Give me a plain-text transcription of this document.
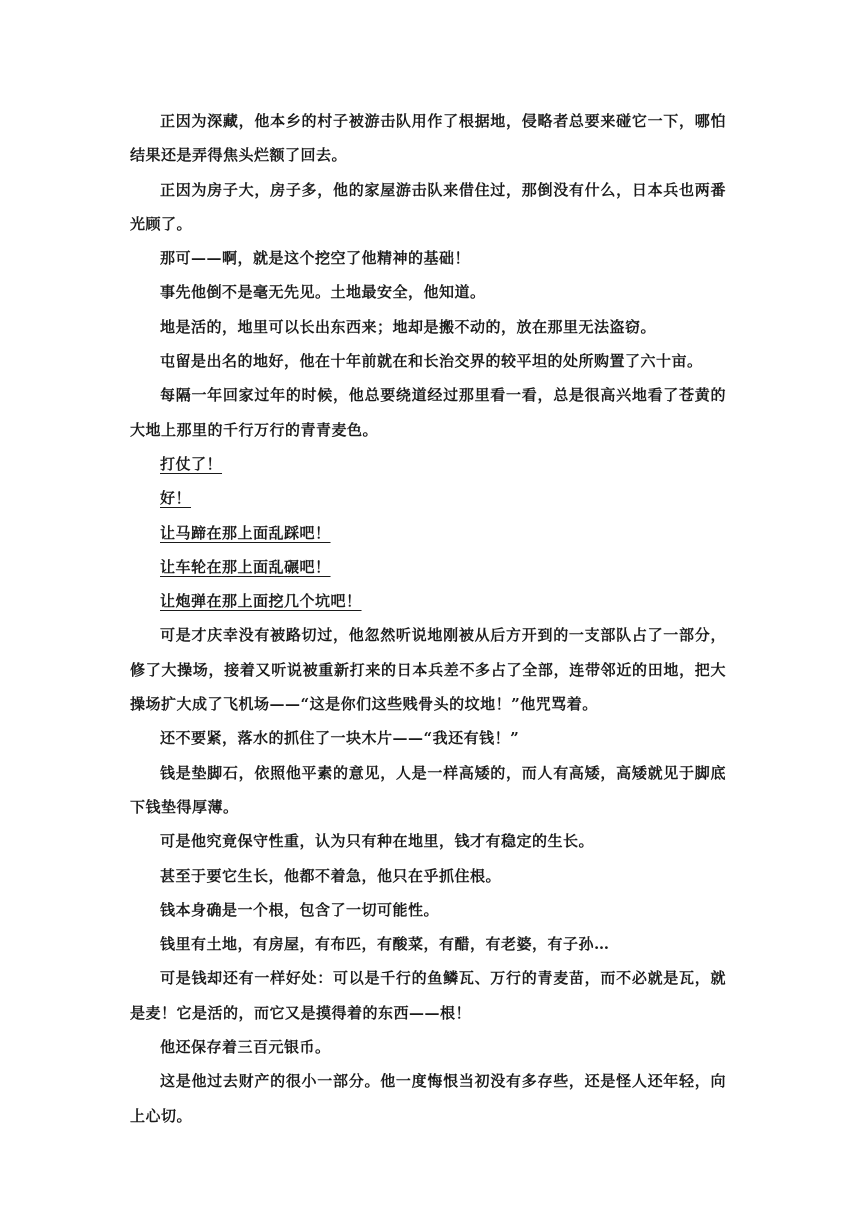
正因为深藏，他本乡的村子被游击队用作了根据地，侵略者总要来碰它一下，哪怕结果还是弄得焦头烂额了回去。

正因为房子大，房子多，他的家屋游击队来借住过，那倒没有什么，日本兵也两番光顾了。

那可——啊，就是这个挖空了他精神的基础！

事先他倒不是毫无先见。土地最安全，他知道。

地是活的，地里可以长出东西来；地却是搬不动的，放在那里无法盗窃。

屯留是出名的地好，他在十年前就在和长治交界的较平坦的处所购置了六十亩。

每隔一年回家过年的时候，他总要绕道经过那里看一看，总是很高兴地看了苍黄的大地上那里的千行万行的青青麦色。

打仗了！

好！

让马蹄在那上面乱踩吧！

让车轮在那上面乱碾吧！

让炮弹在那上面挖几个坑吧！

可是才庆幸没有被路切过，他忽然听说地刚被从后方开到的一支部队占了一部分，修了大操场，接着又听说被重新打来的日本兵差不多占了全部，连带邻近的田地，把大操场扩大成了飞机场——“这是你们这些贱骨头的坟地！”他咒骂着。

还不要紧，落水的抓住了一块木片——“我还有钱！”

钱是垫脚石，依照他平素的意见，人是一样高矮的，而人有高矮，高矮就见于脚底下钱垫得厚薄。

可是他究竟保守性重，认为只有种在地里，钱才有稳定的生长。

甚至于要它生长，他都不着急，他只在乎抓住根。

钱本身确是一个根，包含了一切可能性。

钱里有土地，有房屋，有布匹，有酸菜，有醋，有老婆，有子孙…

可是钱却还有一样好处：可以是千行的鱼鳞瓦、万行的青麦苗，而不必就是瓦，就是麦！它是活的，而它又是摸得着的东西——根！

他还保存着三百元银币。

这是他过去财产的很小一部分。他一度悔恨当初没有多存些，还是怪人还年轻，向上心切。
